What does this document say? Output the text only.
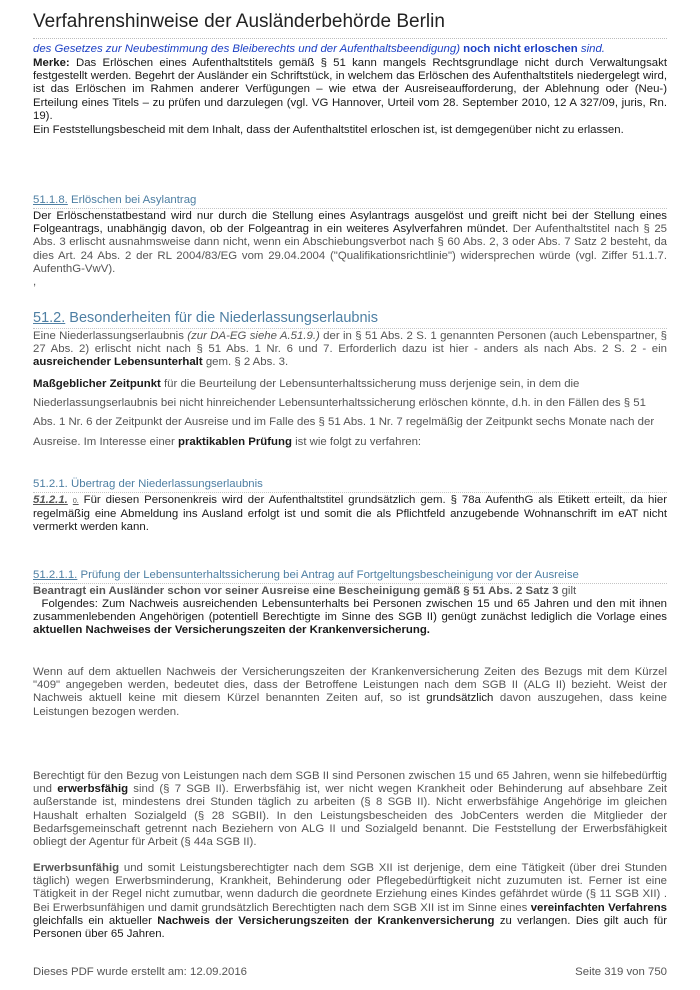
Verfahrenshinweise der Ausländerbehörde Berlin
des Gesetzes zur Neubestimmung des Bleiberechts und der Aufenthaltsbeendigung) noch nicht erloschen sind.
Merke: Das Erlöschen eines Aufenthaltstitels gemäß § 51 kann mangels Rechtsgrundlage nicht durch Verwaltungsakt festgestellt werden. Begehrt der Ausländer ein Schriftstück, in welchem das Erlöschen des Aufenthaltstitels niedergelegt wird, ist das Erlöschen im Rahmen anderer Verfügungen – wie etwa der Ausreiseaufforderung, der Ablehnung oder (Neu-) Erteilung eines Titels – zu prüfen und darzulegen (vgl. VG Hannover, Urteil vom 28. September 2010, 12 A 327/09, juris, Rn. 19).
Ein Feststellungsbescheid mit dem Inhalt, dass der Aufenthaltstitel erloschen ist, ist demgegenüber nicht zu erlassen.
51.1.8. Erlöschen bei Asylantrag
Der Erlöschenstatbestand wird nur durch die Stellung eines Asylantrags ausgelöst und greift nicht bei der Stellung eines Folgeantrags, unabhängig davon, ob der Folgeantrag in ein weiteres Asylverfahren mündet. Der Aufenthaltstitel nach § 25 Abs. 3 erlischt ausnahmsweise dann nicht, wenn ein Abschiebungsverbot nach § 60 Abs. 2, 3 oder Abs. 7 Satz 2 besteht, da dies Art. 24 Abs. 2 der RL 2004/83/EG vom 29.04.2004 ("Qualifikationsrichtlinie") widersprechen würde (vgl. Ziffer 51.1.7. AufenthG-VwV).
,
51.2. Besonderheiten für die Niederlassungserlaubnis
Eine Niederlassungserlaubnis (zur DA-EG siehe A.51.9.) der in § 51 Abs. 2 S. 1 genannten Personen (auch Lebenspartner, § 27 Abs. 2) erlischt nicht nach § 51 Abs. 1 Nr. 6 und 7. Erforderlich dazu ist hier - anders als nach Abs. 2 S. 2 - ein ausreichender Lebensunterhalt gem. § 2 Abs. 3.
Maßgeblicher Zeitpunkt für die Beurteilung der Lebensunterhaltssicherung muss derjenige sein, in dem die Niederlassungserlaubnis bei nicht hinreichender Lebensunterhaltssicherung erlöschen könnte, d.h. in den Fällen des § 51 Abs. 1 Nr. 6 der Zeitpunkt der Ausreise und im Falle des § 51 Abs. 1 Nr. 7 regelmäßig der Zeitpunkt sechs Monate nach der Ausreise. Im Interesse einer praktikablen Prüfung ist wie folgt zu verfahren:
51.2.1. Übertrag der Niederlassungserlaubnis
51.2.1. 0. Für diesen Personenkreis wird der Aufenthaltstitel grundsätzlich gem. § 78a AufenthG als Etikett erteilt, da hier regelmäßig eine Abmeldung ins Ausland erfolgt ist und somit die als Pflichtfeld anzugebende Wohnanschrift im eAT nicht vermerkt werden kann.
51.2.1.1. Prüfung der Lebensunterhaltssicherung bei Antrag auf Fortgeltungsbescheinigung vor der Ausreise
Beantragt ein Ausländer schon vor seiner Ausreise eine Bescheinigung gemäß § 51 Abs. 2 Satz 3 gilt
Folgendes: Zum Nachweis ausreichenden Lebensunterhalts bei Personen zwischen 15 und 65 Jahren und den mit ihnen zusammenlebenden Angehörigen (potentiell Berechtigte im Sinne des SGB II) genügt zunächst lediglich die Vorlage eines aktuellen Nachweises der Versicherungszeiten der Krankenversicherung.
Wenn auf dem aktuellen Nachweis der Versicherungszeiten der Krankenversicherung Zeiten des Bezugs mit dem Kürzel "409" angegeben werden, bedeutet dies, dass der Betroffene Leistungen nach dem SGB II (ALG II) bezieht. Weist der Nachweis aktuell keine mit diesem Kürzel benannten Zeiten auf, so ist grundsätzlich davon auszugehen, dass keine Leistungen bezogen werden.
Berechtigt für den Bezug von Leistungen nach dem SGB II sind Personen zwischen 15 und 65 Jahren, wenn sie hilfebedürftig und erwerbsfähig sind (§ 7 SGB II). Erwerbsfähig ist, wer nicht wegen Krankheit oder Behinderung auf absehbare Zeit außerstande ist, mindestens drei Stunden täglich zu arbeiten (§ 8 SGB II). Nicht erwerbsfähige Angehörige im gleichen Haushalt erhalten Sozialgeld (§ 28 SGBII). In den Leistungsbescheiden des JobCenters werden die Mitglieder der Bedarfsgemeinschaft getrennt nach Beziehern von ALG II und Sozialgeld benannt. Die Feststellung der Erwerbsfähigkeit obliegt der Agentur für Arbeit (§ 44a SGB II).
Erwerbsunfähig und somit Leistungsberechtigter nach dem SGB XII ist derjenige, dem eine Tätigkeit (über drei Stunden täglich) wegen Erwerbsminderung, Krankheit, Behinderung oder Pflegebedürftigkeit nicht zuzumuten ist. Ferner ist eine Tätigkeit in der Regel nicht zumutbar, wenn dadurch die geordnete Erziehung eines Kindes gefährdet würde (§ 11 SGB XII) . Bei Erwerbsunfähigen und damit grundsätzlich Berechtigten nach dem SGB XII ist im Sinne eines vereinfachten Verfahrens gleichfalls ein aktueller Nachweis der Versicherungszeiten der Krankenversicherung zu verlangen. Dies gilt auch für Personen über 65 Jahren.
Dieses PDF wurde erstellt am: 12.09.2016	Seite 319 von 750
